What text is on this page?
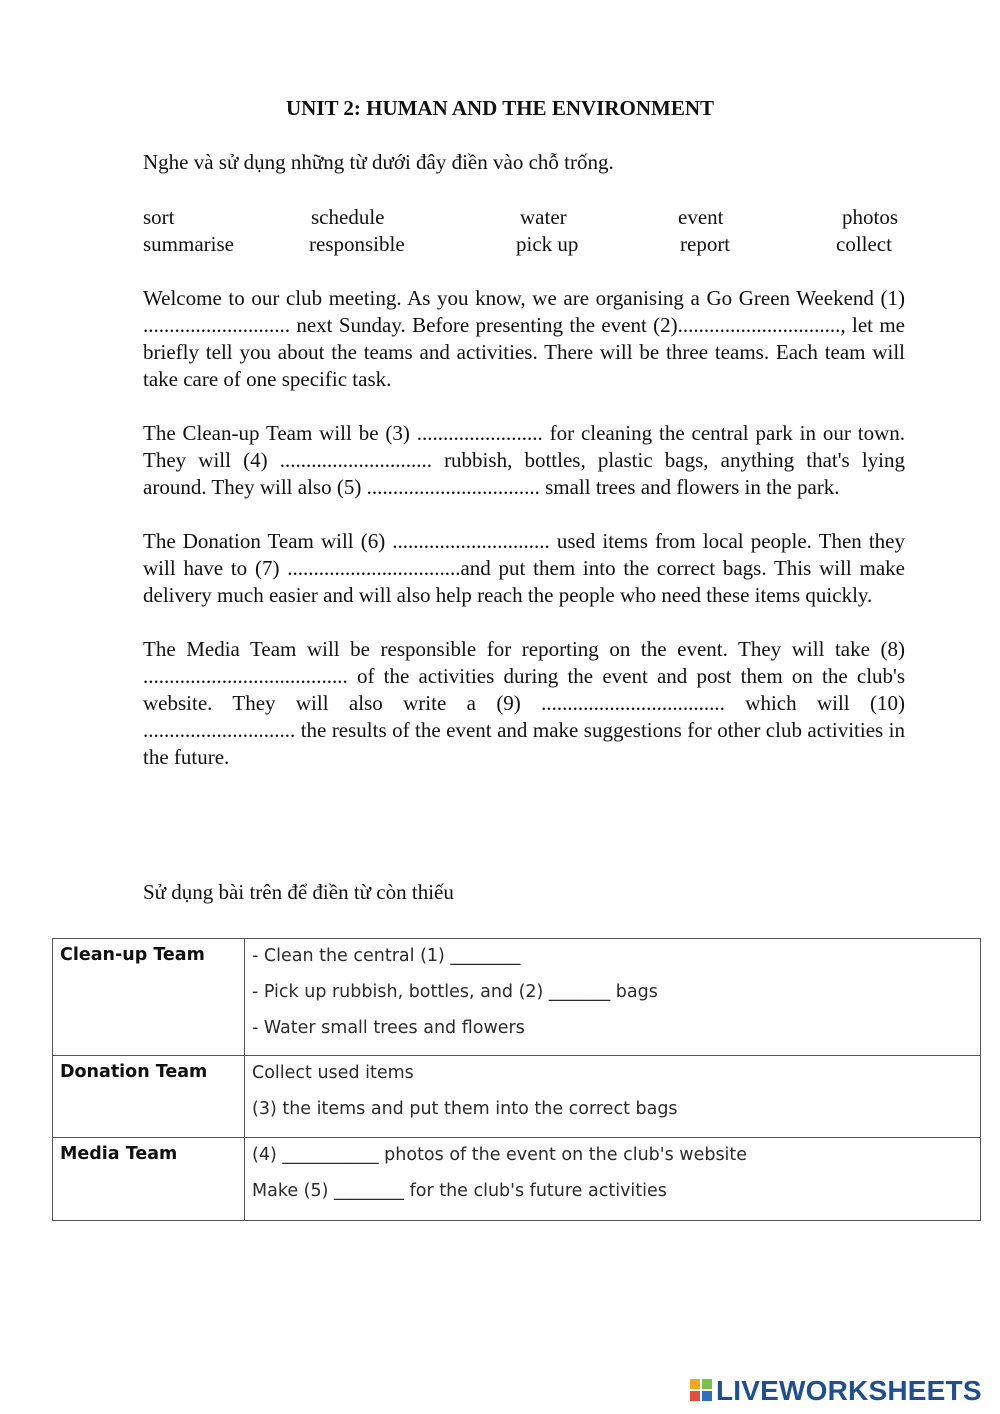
UNIT 2: HUMAN AND THE ENVIRONMENT

Nghe và sử dụng những từ dưới đây điền vào chỗ trống.

sort	schedule	water	event	photos
summarise	responsible	pick up	report	collect

Welcome to our club meeting. As you know, we are organising a Go Green Weekend (1) ............................ next Sunday. Before presenting the event (2)..............................., let me briefly tell you about the teams and activities. There will be three teams. Each team will take care of one specific task.

The Clean-up Team will be (3) ........................ for cleaning the central park in our town. They will (4) ............................. rubbish, bottles, plastic bags, anything that's lying around. They will also (5) ................................. small trees and flowers in the park.

The Donation Team will (6) .............................. used items from local people. Then they will have to (7) .................................and put them into the correct bags. This will make delivery much easier and will also help reach the people who need these items quickly.

The Media Team will be responsible for reporting on the event. They will take (8) ....................................... of the activities during the event and post them on the club's website. They will also write a (9) ................................... which will (10) ............................. the results of the event and make suggestions for other club activities in the future.

Sử dụng bài trên để điền từ còn thiếu

Clean-up Team	- Clean the central (1) ________
- Pick up rubbish, bottles, and (2) _______ bags
- Water small trees and flowers

Donation Team	Collect used items
(3) the items and put them into the correct bags

Media Team	(4) ___________ photos of the event on the club's website
Make (5) ________ for the club's future activities
LIVEWORKSHEETS
